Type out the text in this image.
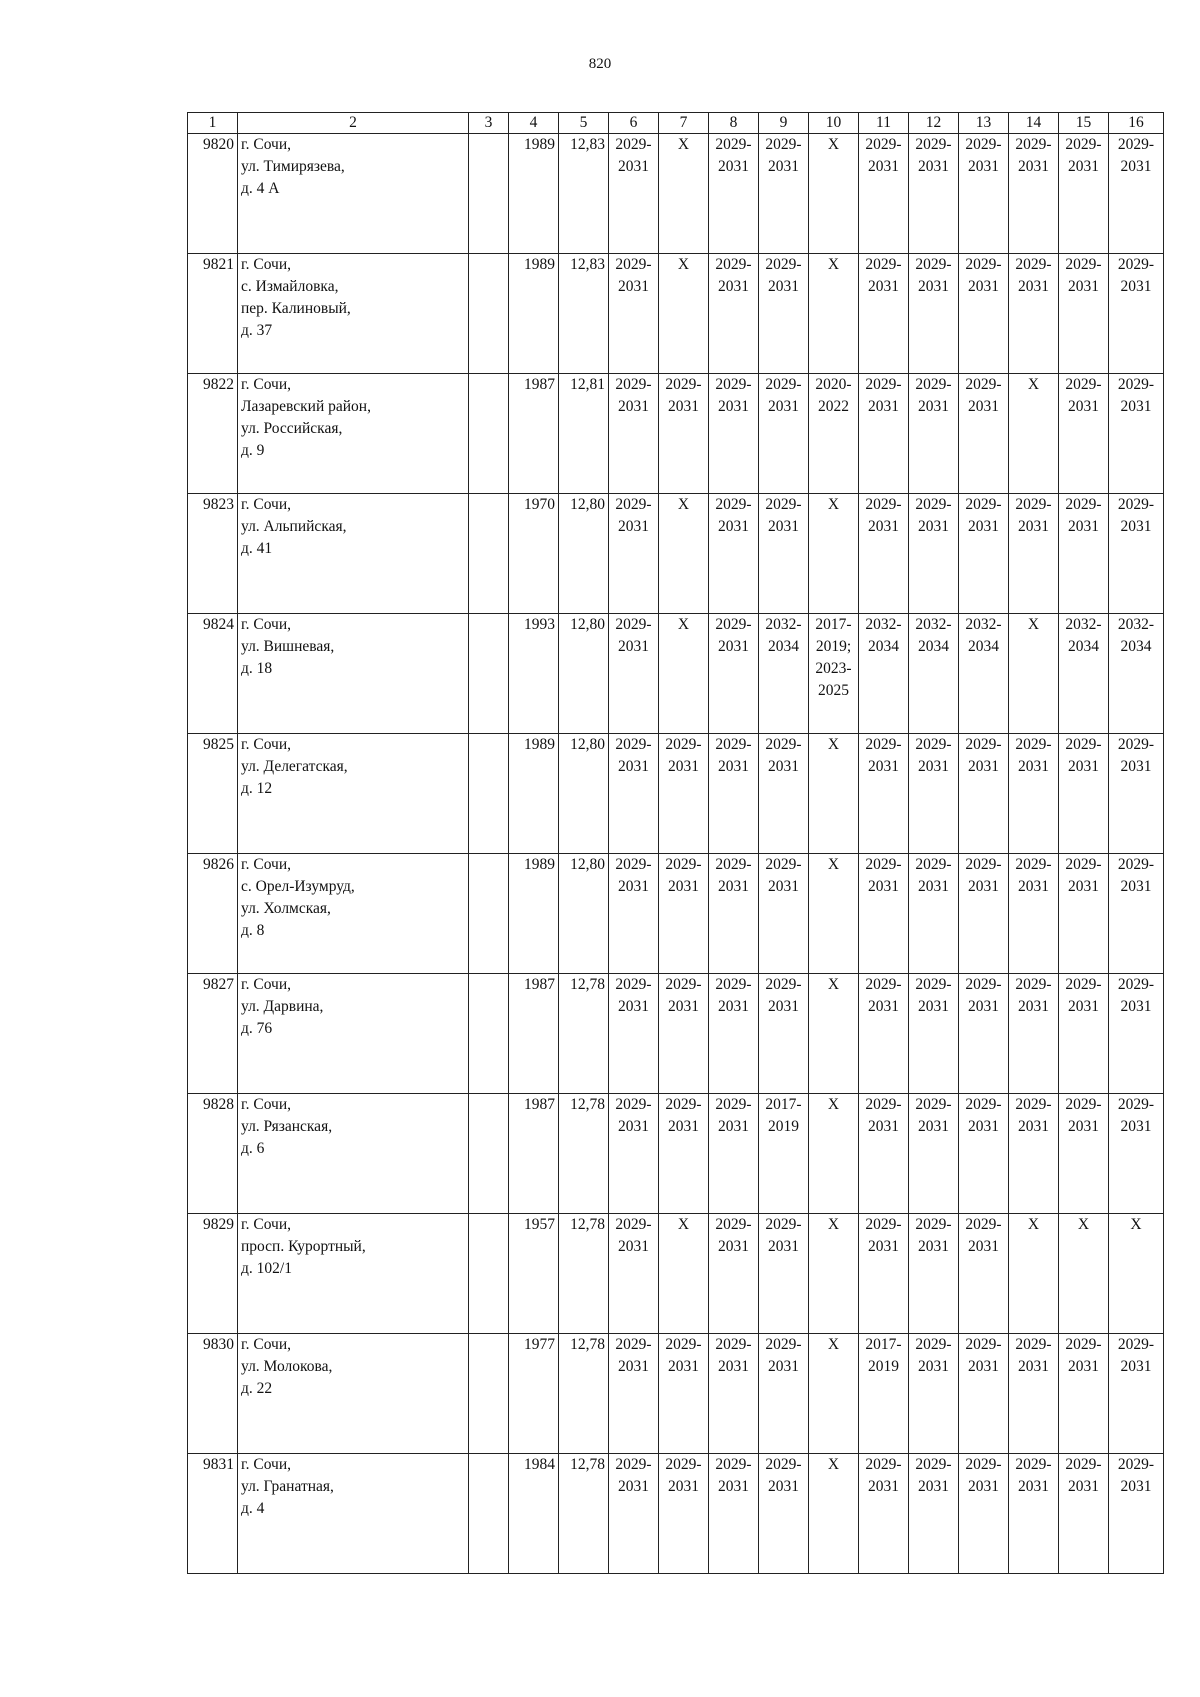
820
1	2	3	4	5	6	7	8	9	10	11	12	13	14	15	16
9820	г. Сочи,
ул. Тимирязева,
д. 4 А		1989	12,83	2029-
2031	X	2029-
2031	2029-
2031	X	2029-
2031	2029-
2031	2029-
2031	2029-
2031	2029-
2031	2029-
2031

9821	г. Сочи,
с. Измайловка,
пер. Калиновый,
д. 37		1989	12,83	2029-
2031	X	2029-
2031	2029-
2031	X	2029-
2031	2029-
2031	2029-
2031	2029-
2031	2029-
2031	2029-
2031

9822	г. Сочи,
Лазаревский район,
ул. Российская,
д. 9		1987	12,81	2029-
2031	2029-
2031	2029-
2031	2029-
2031	2020-
2022	2029-
2031	2029-
2031	2029-
2031	X	2029-
2031	2029-
2031

9823	г. Сочи,
ул. Альпийская,
д. 41		1970	12,80	2029-
2031	X	2029-
2031	2029-
2031	X	2029-
2031	2029-
2031	2029-
2031	2029-
2031	2029-
2031	2029-
2031

9824	г. Сочи,
ул. Вишневая,
д. 18		1993	12,80	2029-
2031	X	2029-
2031	2032-
2034	2017-
2019;
2023-
2025	2032-
2034	2032-
2034	2032-
2034	X	2032-
2034	2032-
2034

9825	г. Сочи,
ул. Делегатская,
д. 12		1989	12,80	2029-
2031	2029-
2031	2029-
2031	2029-
2031	X	2029-
2031	2029-
2031	2029-
2031	2029-
2031	2029-
2031	2029-
2031

9826	г. Сочи,
с. Орел-Изумруд,
ул. Холмская,
д. 8		1989	12,80	2029-
2031	2029-
2031	2029-
2031	2029-
2031	X	2029-
2031	2029-
2031	2029-
2031	2029-
2031	2029-
2031	2029-
2031

9827	г. Сочи,
ул. Дарвина,
д. 76		1987	12,78	2029-
2031	2029-
2031	2029-
2031	2029-
2031	X	2029-
2031	2029-
2031	2029-
2031	2029-
2031	2029-
2031	2029-
2031

9828	г. Сочи,
ул. Рязанская,
д. 6		1987	12,78	2029-
2031	2029-
2031	2029-
2031	2017-
2019	X	2029-
2031	2029-
2031	2029-
2031	2029-
2031	2029-
2031	2029-
2031

9829	г. Сочи,
просп. Курортный,
д. 102/1		1957	12,78	2029-
2031	X	2029-
2031	2029-
2031	X	2029-
2031	2029-
2031	2029-
2031	X	X	X

9830	г. Сочи,
ул. Молокова,
д. 22		1977	12,78	2029-
2031	2029-
2031	2029-
2031	2029-
2031	X	2017-
2019	2029-
2031	2029-
2031	2029-
2031	2029-
2031	2029-
2031

9831	г. Сочи,
ул. Гранатная,
д. 4		1984	12,78	2029-
2031	2029-
2031	2029-
2031	2029-
2031	X	2029-
2031	2029-
2031	2029-
2031	2029-
2031	2029-
2031	2029-
2031
